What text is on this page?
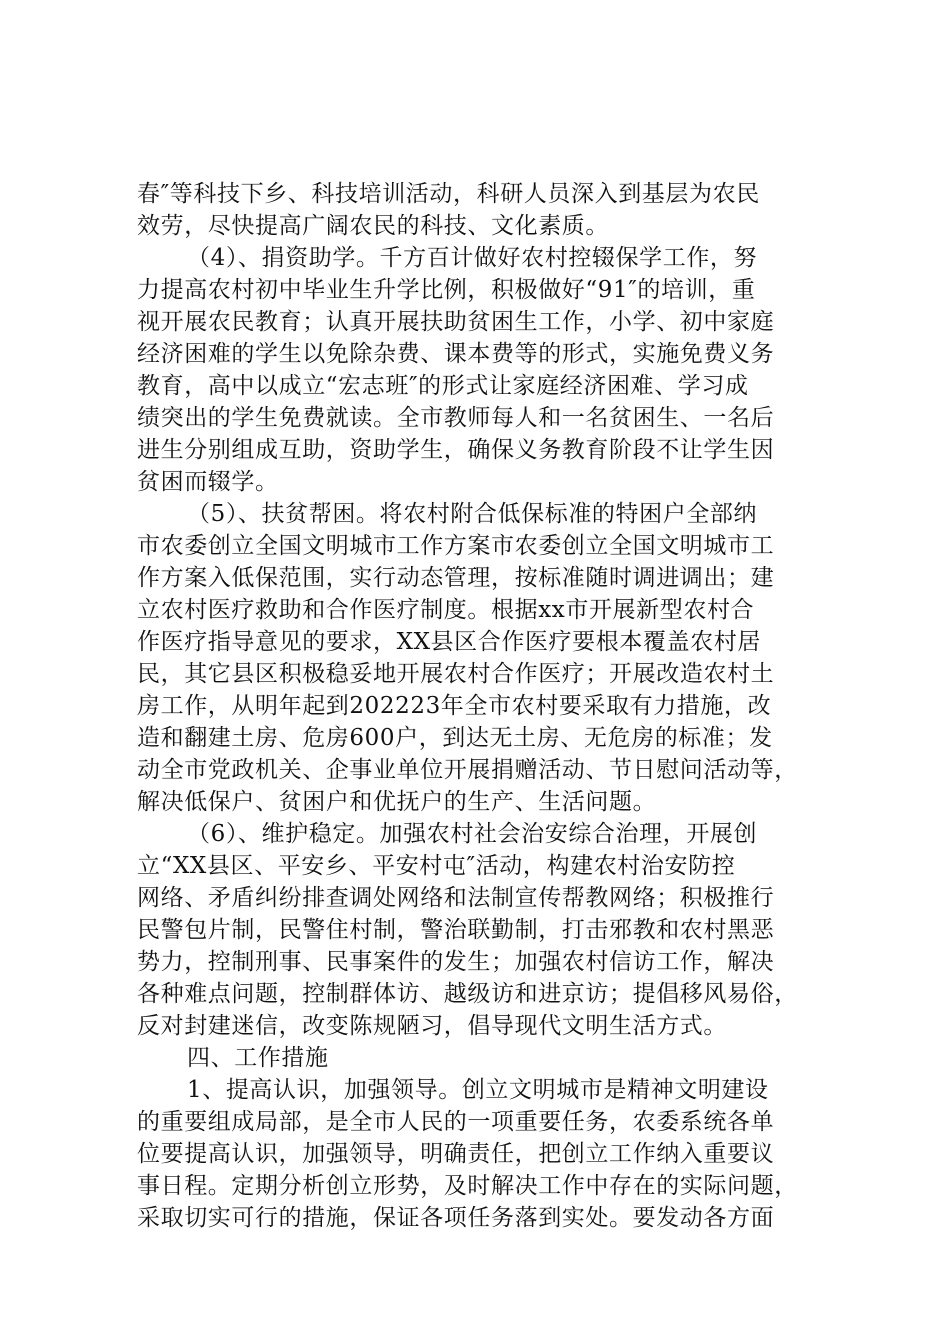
春″等科技下乡、科技培训活动，科研人员深入到基层为农民
效劳，尽快提高广阔农民的科技、文化素质。
（4）、捐资助学。千方百计做好农村控辍保学工作，努
力提高农村初中毕业生升学比例，积极做好“91″的培训，重
视开展农民教育；认真开展扶助贫困生工作，小学、初中家庭
经济困难的学生以免除杂费、课本费等的形式，实施免费义务
教育，高中以成立“宏志班″的形式让家庭经济困难、学习成
绩突出的学生免费就读。全市教师每人和一名贫困生、一名后
进生分别组成互助，资助学生，确保义务教育阶段不让学生因
贫困而辍学。
（5）、扶贫帮困。将农村附合低保标准的特困户全部纳
市农委创立全国文明城市工作方案市农委创立全国文明城市工
作方案入低保范围，实行动态管理，按标准随时调进调出；建
立农村医疗救助和合作医疗制度。根据xx市开展新型农村合
作医疗指导意见的要求，XX县区合作医疗要根本覆盖农村居
民，其它县区积极稳妥地开展农村合作医疗；开展改造农村土
房工作，从明年起到202223年全市农村要采取有力措施，改
造和翻建土房、危房600户，到达无土房、无危房的标准；发
动全市党政机关、企事业单位开展捐赠活动、节日慰问活动等，
解决低保户、贫困户和优抚户的生产、生活问题。
（6）、维护稳定。加强农村社会治安综合治理，开展创
立“XX县区、平安乡、平安村屯″活动，构建农村治安防控
网络、矛盾纠纷排查调处网络和法制宣传帮教网络；积极推行
民警包片制，民警住村制，警治联勤制，打击邪教和农村黑恶
势力，控制刑事、民事案件的发生；加强农村信访工作，解决
各种难点问题，控制群体访、越级访和进京访；提倡移风易俗，
反对封建迷信，改变陈规陋习，倡导现代文明生活方式。
四、工作措施
1、提高认识，加强领导。创立文明城市是精神文明建设
的重要组成局部，是全市人民的一项重要任务，农委系统各单
位要提高认识，加强领导，明确责任，把创立工作纳入重要议
事日程。定期分析创立形势，及时解决工作中存在的实际问题，
采取切实可行的措施，保证各项任务落到实处。要发动各方面
